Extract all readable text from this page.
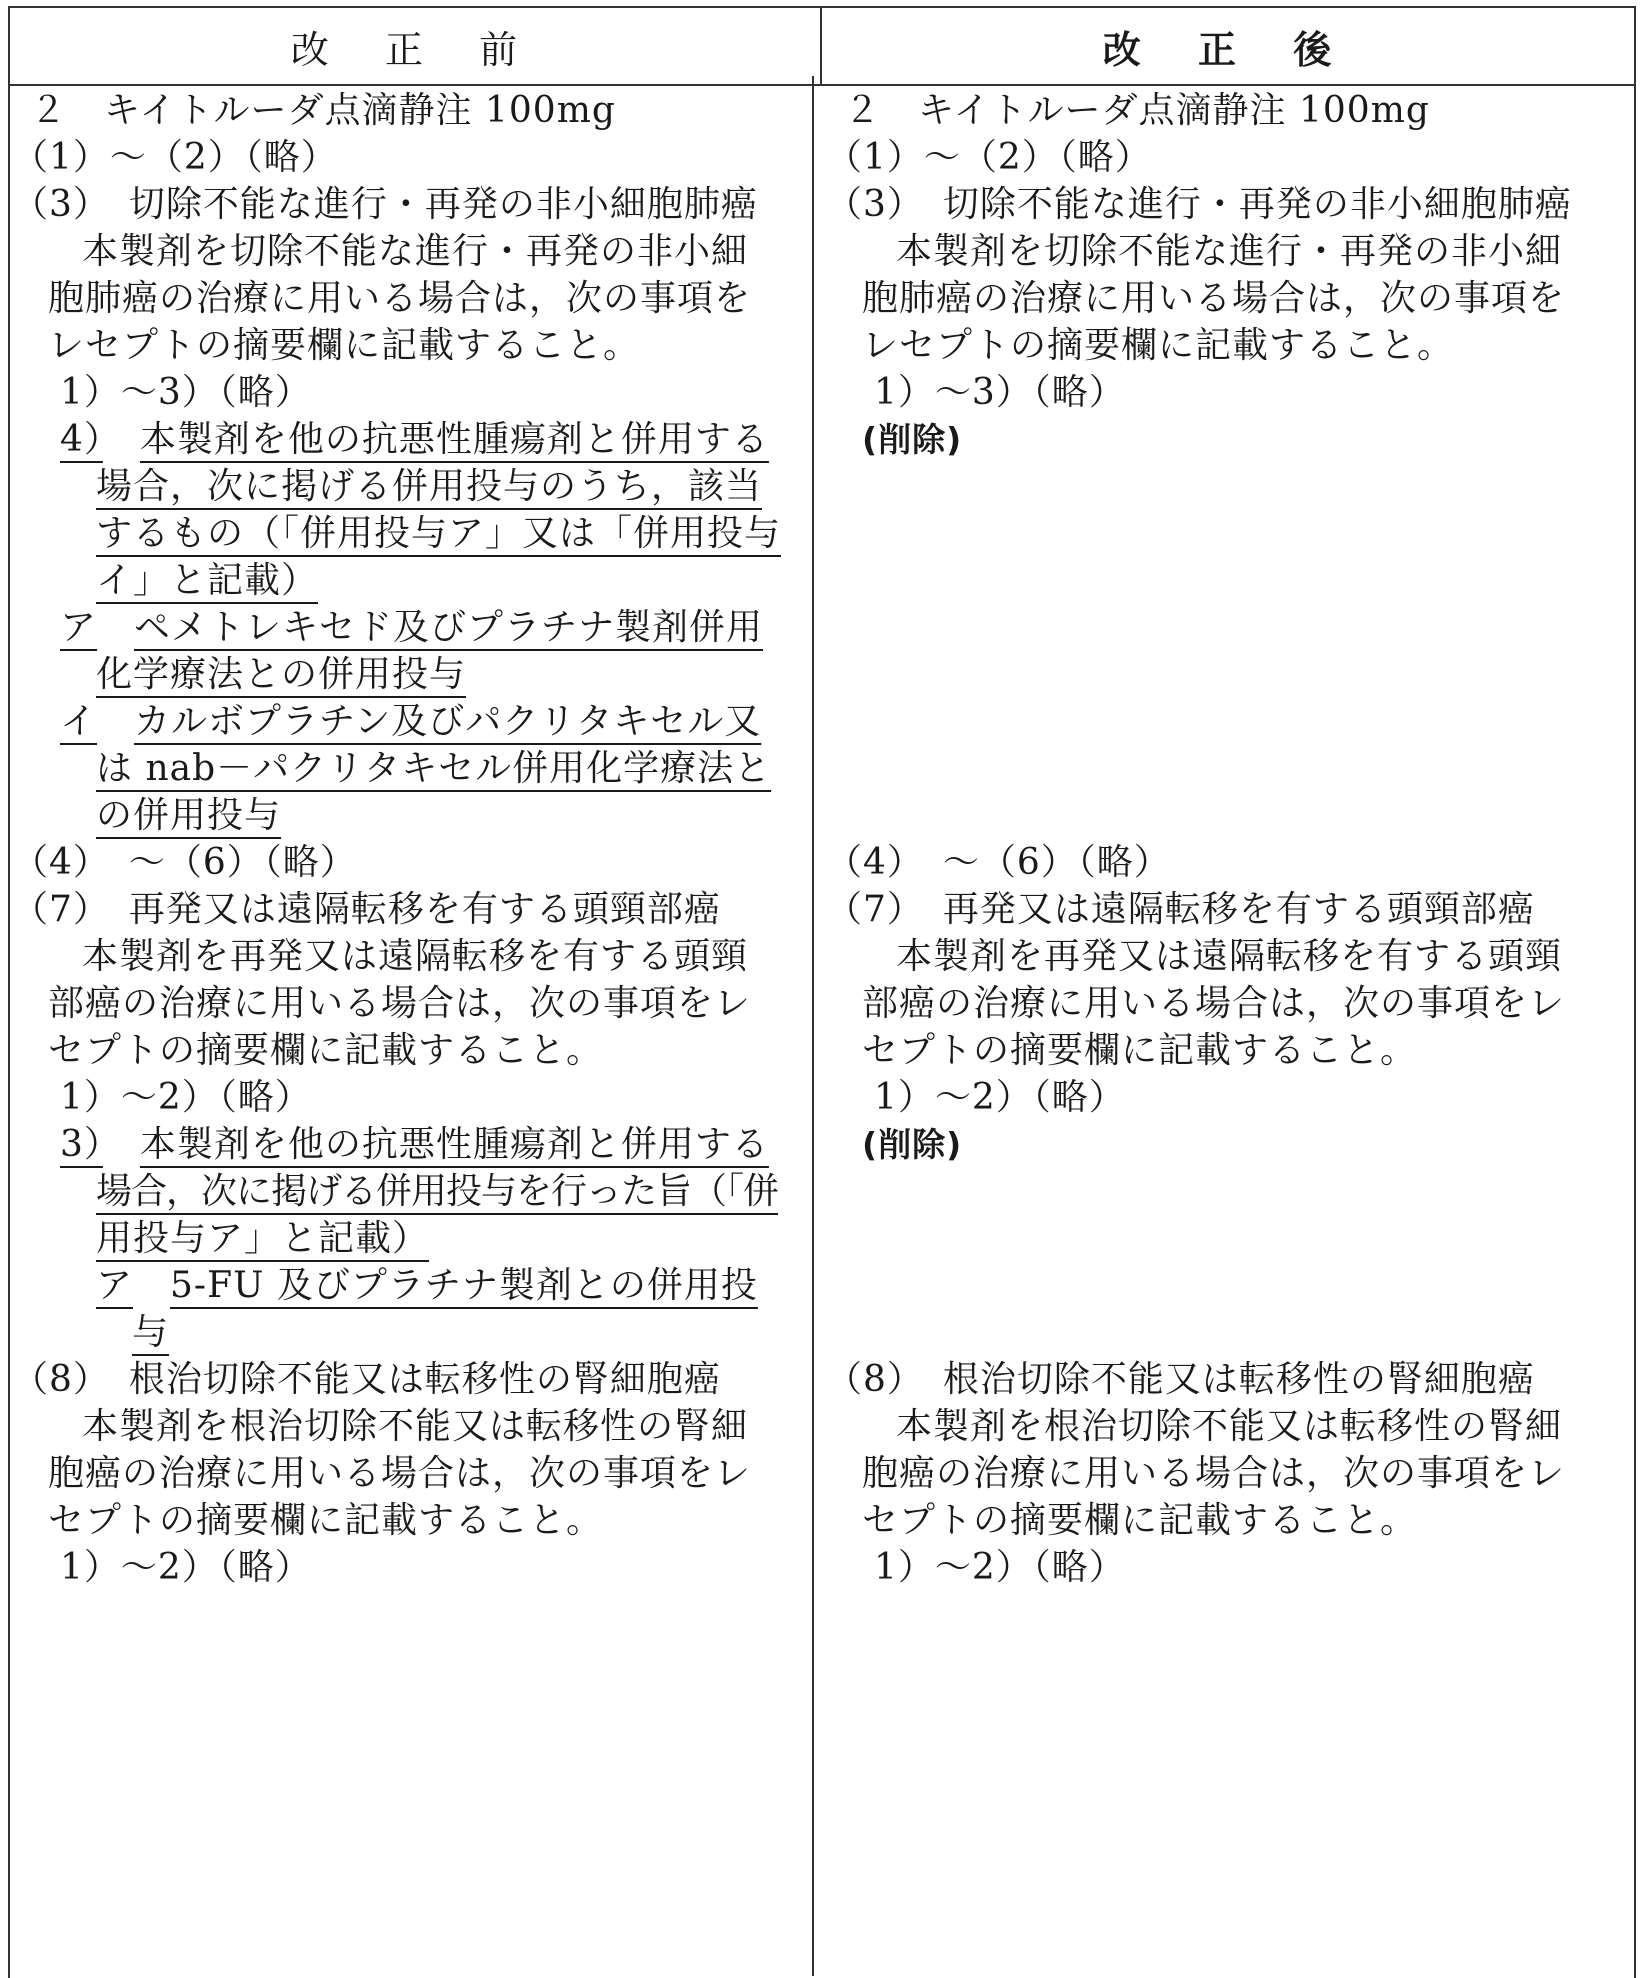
改 正 前	改 正 後
２　キイトルーダ点滴静注 100mg
（1）～（2）（略）
（3）　切除不能な進行・再発の非小細胞肺癌
本製剤を切除不能な進行・再発の非小細
胞肺癌の治療に用いる場合は，次の事項を
レセプトの摘要欄に記載すること。
1）～3）（略）
4）　 本製剤を他の抗悪性腫瘍剤と併用する
場合，次に掲げる併用投与のうち，該当
するもの（「併用投与ア」又は「併用投与
イ」と記載）
ア　 ペメトレキセド及びプラチナ製剤併用
化学療法との併用投与
イ　 カルボプラチン及びパクリタキセル又
は nab－パクリタキセル併用化学療法と
の併用投与
（4）　～（6）（略）
（7）　再発又は遠隔転移を有する頭頸部癌
本製剤を再発又は遠隔転移を有する頭頸
部癌の治療に用いる場合は，次の事項をレ
セプトの摘要欄に記載すること。
1）～2）（略）
3）　 本製剤を他の抗悪性腫瘍剤と併用する
場合，次に掲げる併用投与を行った旨（「併
用投与ア」と記載）
ア　 5-FU 及びプラチナ製剤との併用投
与
（8）　根治切除不能又は転移性の腎細胞癌
本製剤を根治切除不能又は転移性の腎細
胞癌の治療に用いる場合は，次の事項をレ
セプトの摘要欄に記載すること。
1）～2）（略）
２　キイトルーダ点滴静注 100mg
（1）～（2）（略）
（3）　切除不能な進行・再発の非小細胞肺癌
本製剤を切除不能な進行・再発の非小細
胞肺癌の治療に用いる場合は，次の事項を
レセプトの摘要欄に記載すること。
1）～3）（略）
(削除)
（4）　～（6）（略）
（7）　再発又は遠隔転移を有する頭頸部癌
本製剤を再発又は遠隔転移を有する頭頸
部癌の治療に用いる場合は，次の事項をレ
セプトの摘要欄に記載すること。
1）～2）（略）
(削除)
（8）　根治切除不能又は転移性の腎細胞癌
本製剤を根治切除不能又は転移性の腎細
胞癌の治療に用いる場合は，次の事項をレ
セプトの摘要欄に記載すること。
1）～2）（略）
